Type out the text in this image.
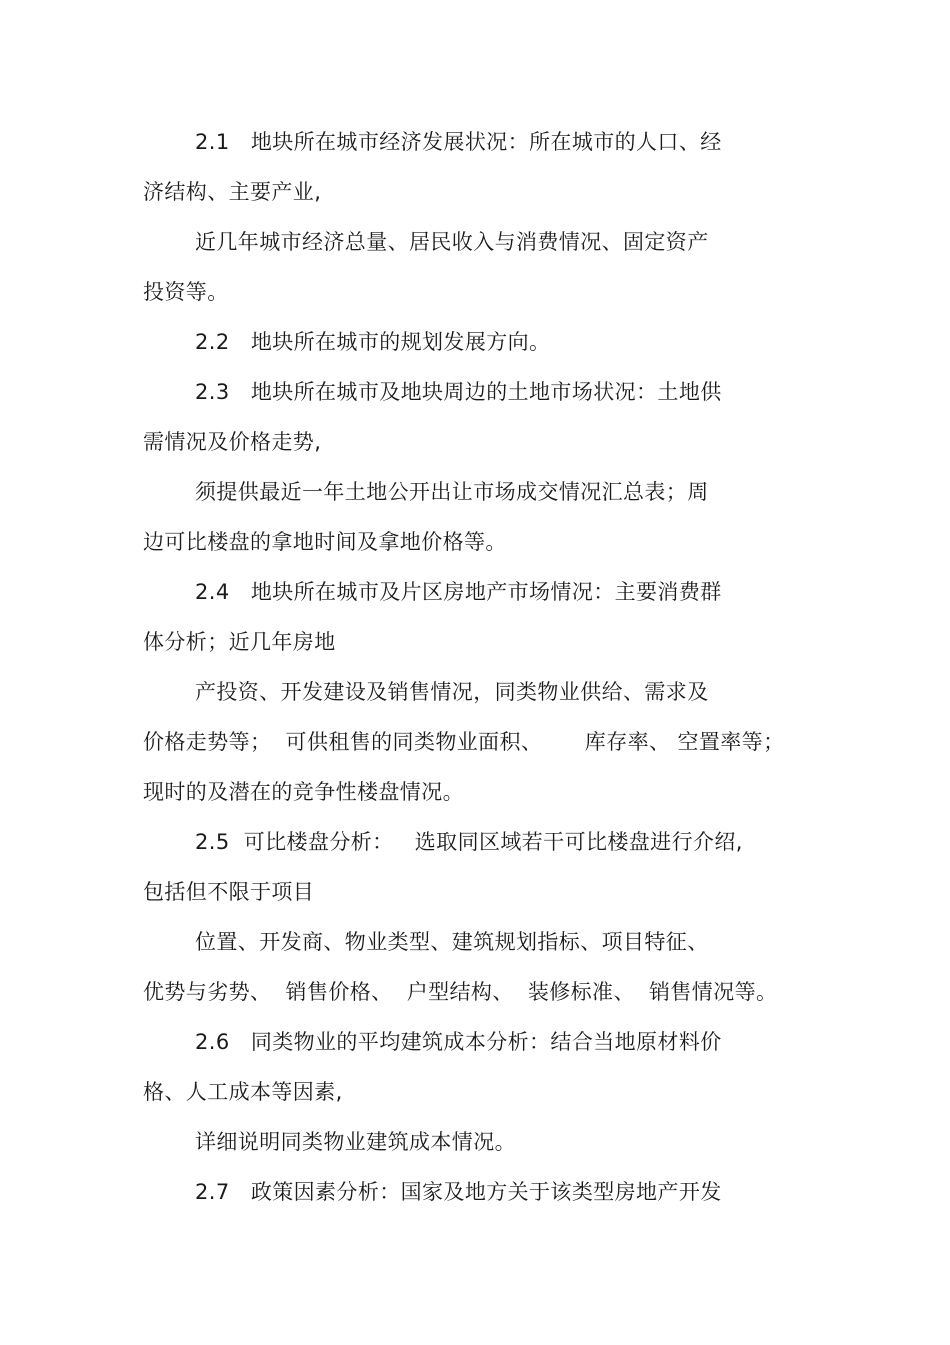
2.1   地块所在城市经济发展状况：所在城市的人口、经
济结构、主要产业,
近几年城市经济总量、居民收入与消费情况、固定资产
投资等。
2.2   地块所在城市的规划发展方向。
2.3   地块所在城市及地块周边的土地市场状况：土地供
需情况及价格走势,
须提供最近一年土地公开出让市场成交情况汇总表；周
边可比楼盘的拿地时间及拿地价格等。
2.4   地块所在城市及片区房地产市场情况：主要消费群
体分析；近几年房地
产投资、开发建设及销售情况，同类物业供给、需求及
价格走势等；  可供租售的同类物业面积、      库存率、 空置率等；
现时的及潜在的竞争性楼盘情况。
2.5  可比楼盘分析：   选取同区域若干可比楼盘进行介绍,
包括但不限于项目
位置、开发商、物业类型、建筑规划指标、项目特征、
优势与劣势、  销售价格、  户型结构、  装修标准、  销售情况等。
2.6   同类物业的平均建筑成本分析：结合当地原材料价
格、人工成本等因素,
详细说明同类物业建筑成本情况。
2.7   政策因素分析：国家及地方关于该类型房地产开发
